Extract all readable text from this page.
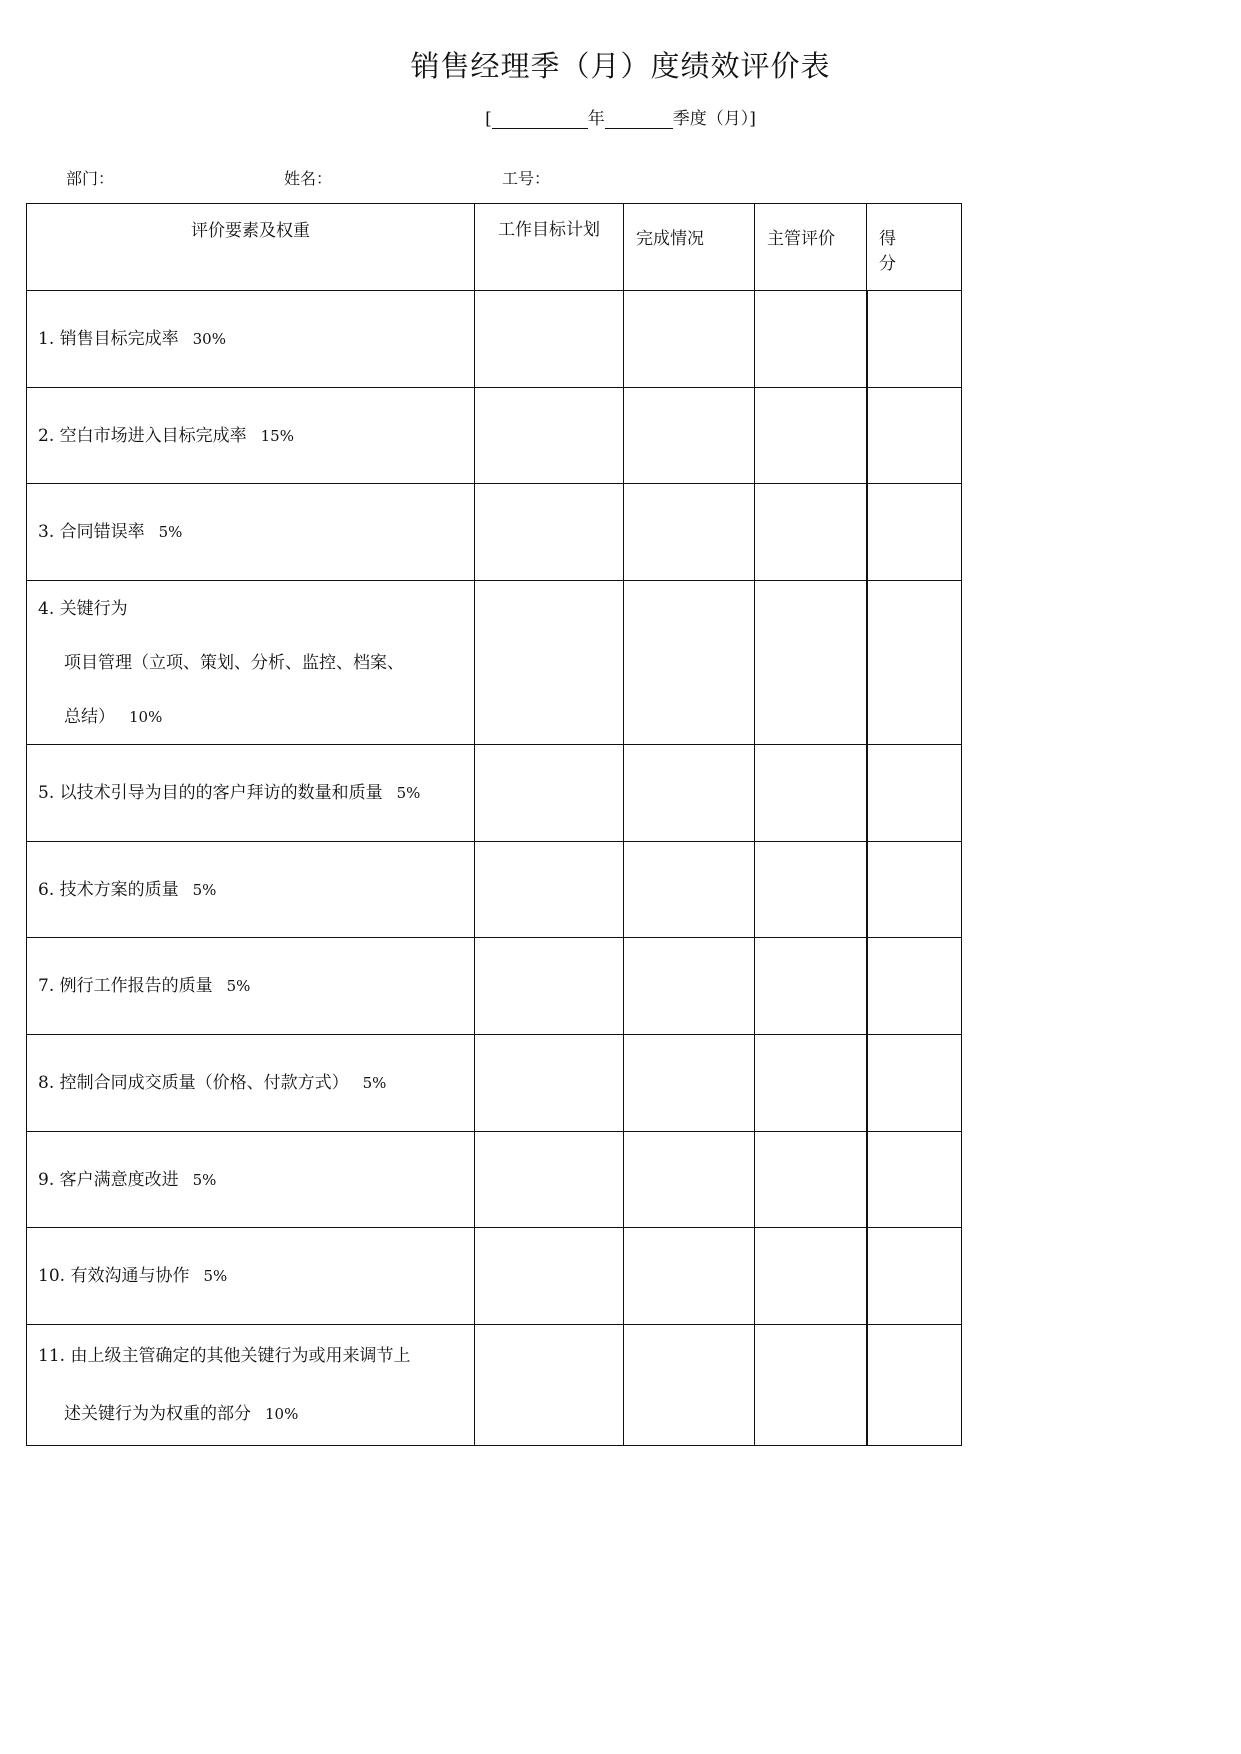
销售经理季（月）度绩效评价表
[	年	季度（月）]
部门：	姓名：	工号：
评价要素及权重	工作目标计划	完成情况	主管评价	得 分
1. 销售目标完成率 30%				
2. 空白市场进入目标完成率 15%				
3. 合同错误率 5%				

4. 关键行为
项目管理（立项、策划、分析、监控、档案、
总结） 10%				

5. 以技术引导为目的的客户拜访的数量和质量 5%				
6. 技术方案的质量 5%				
7. 例行工作报告的质量 5%				
8. 控制合同成交质量（价格、付款方式） 5%				
9. 客户满意度改进 5%				
10. 有效沟通与协作 5%				

11. 由上级主管确定的其他关键行为或用来调节上
述关键行为为权重的部分 10%				
